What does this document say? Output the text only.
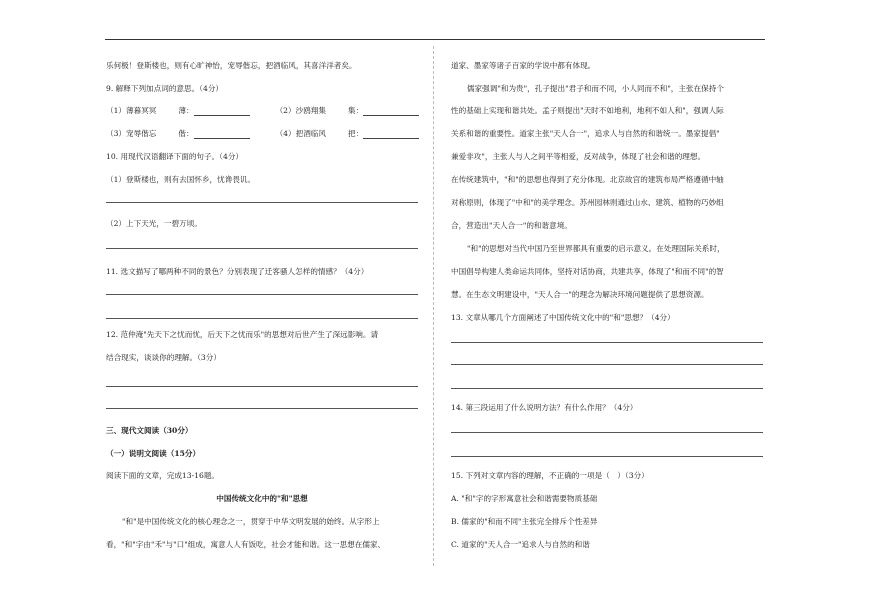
乐何极！登斯楼也，则有心旷神怡，宠辱偕忘，把酒临风，其喜洋洋者矣。
9. 解释下列加点词的意思。（4分）
（1）薄暮冥冥	薄：	（2）沙鸥翔集	集：
（3）宠辱偕忘	偕：	（4）把酒临风	把：
10. 用现代汉语翻译下面的句子。（4分）
（1）登斯楼也，则有去国怀乡，忧谗畏讥。
（2）上下天光，一碧万顷。
11. 选文描写了哪两种不同的景色？分别表现了迁客骚人怎样的情感？（4分）
12. 范仲淹"先天下之忧而忧，后天下之忧而乐"的思想对后世产生了深远影响。请
结合现实，谈谈你的理解。（3分）
三、现代文阅读（30分）
（一）说明文阅读（15分）
阅读下面的文章，完成13-16题。
中国传统文化中的"和"思想
"和"是中国传统文化的核心理念之一，贯穿于中华文明发展的始终。从字形上
看，"和"字由"禾"与"口"组成，寓意人人有饭吃，社会才能和谐。这一思想在儒家、
道家、墨家等诸子百家的学说中都有体现。
儒家强调"和为贵"，孔子提出"君子和而不同，小人同而不和"，主张在保持个
性的基础上实现和谐共处。孟子则提出"天时不如地利，地利不如人和"，强调人际
关系和谐的重要性。道家主张"天人合一"，追求人与自然的和谐统一。墨家提倡"
兼爱非攻"，主张人与人之间平等相爱，反对战争，体现了社会和谐的理想。
在传统建筑中，"和"的思想也得到了充分体现。北京故宫的建筑布局严格遵循中轴
对称原则，体现了"中和"的美学理念。苏州园林则通过山水、建筑、植物的巧妙组
合，营造出"天人合一"的和谐意境。
"和"的思想对当代中国乃至世界都具有重要的启示意义。在处理国际关系时，
中国倡导构建人类命运共同体，坚持对话协商，共建共享，体现了"和而不同"的智
慧。在生态文明建设中，"天人合一"的理念为解决环境问题提供了思想资源。
13. 文章从哪几个方面阐述了中国传统文化中的"和"思想？（4分）
14. 第三段运用了什么说明方法？有什么作用？（4分）
15. 下列对文章内容的理解，不正确的一项是（　）（3分）
A. "和"字的字形寓意社会和谐需要物质基础
B. 儒家的"和而不同"主张完全排斥个性差异
C. 道家的"天人合一"追求人与自然的和谐
